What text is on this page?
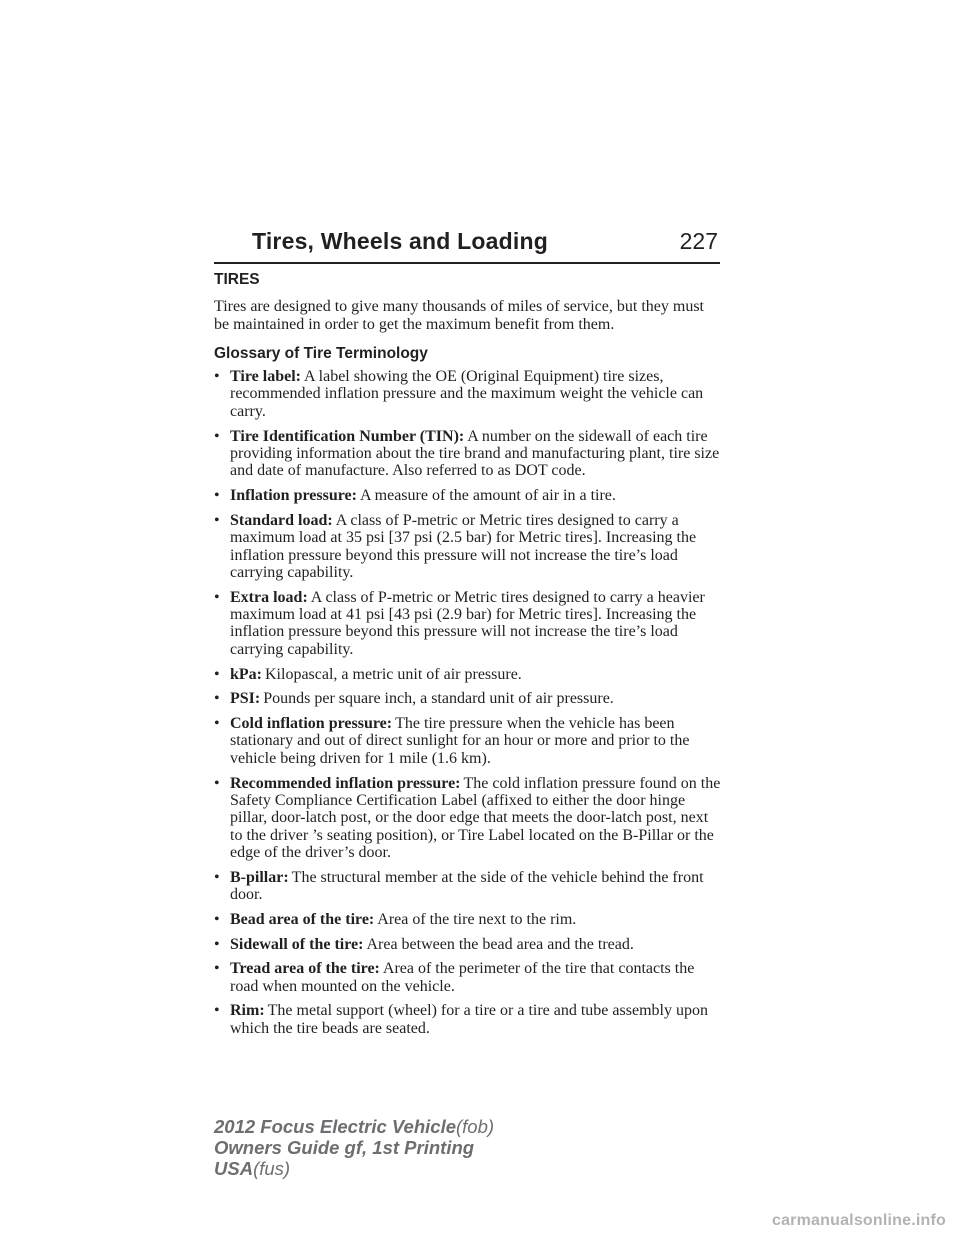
Tires, Wheels and Loading	227
TIRES

Tires are designed to give many thousands of miles of service, but they must be maintained in order to get the maximum benefit from them.

Glossary of Tire Terminology
• Tire label: A label showing the OE (Original Equipment) tire sizes, recommended inflation pressure and the maximum weight the vehicle can carry.
• Tire Identification Number (TIN): A number on the sidewall of each tire providing information about the tire brand and manufacturing plant, tire size and date of manufacture. Also referred to as DOT code.
• Inflation pressure: A measure of the amount of air in a tire.
• Standard load: A class of P-metric or Metric tires designed to carry a maximum load at 35 psi [37 psi (2.5 bar) for Metric tires]. Increasing the inflation pressure beyond this pressure will not increase the tire’s load carrying capability.
• Extra load: A class of P-metric or Metric tires designed to carry a heavier maximum load at 41 psi [43 psi (2.9 bar) for Metric tires]. Increasing the inflation pressure beyond this pressure will not increase the tire’s load carrying capability.
• kPa: Kilopascal, a metric unit of air pressure.
• PSI: Pounds per square inch, a standard unit of air pressure.
• Cold inflation pressure: The tire pressure when the vehicle has been stationary and out of direct sunlight for an hour or more and prior to the vehicle being driven for 1 mile (1.6 km).
• Recommended inflation pressure: The cold inflation pressure found on the Safety Compliance Certification Label (affixed to either the door hinge pillar, door-latch post, or the door edge that meets the door-latch post, next to the driver ’s seating position), or Tire Label located on the B-Pillar or the edge of the driver’s door.
• B-pillar: The structural member at the side of the vehicle behind the front door.
• Bead area of the tire: Area of the tire next to the rim.
• Sidewall of the tire: Area between the bead area and the tread.
• Tread area of the tire: Area of the perimeter of the tire that contacts the road when mounted on the vehicle.
• Rim: The metal support (wheel) for a tire or a tire and tube assembly upon which the tire beads are seated.
2012 Focus Electric Vehicle(fob)
Owners Guide gf, 1st Printing
USA(fus)
carmanualsonline.info
